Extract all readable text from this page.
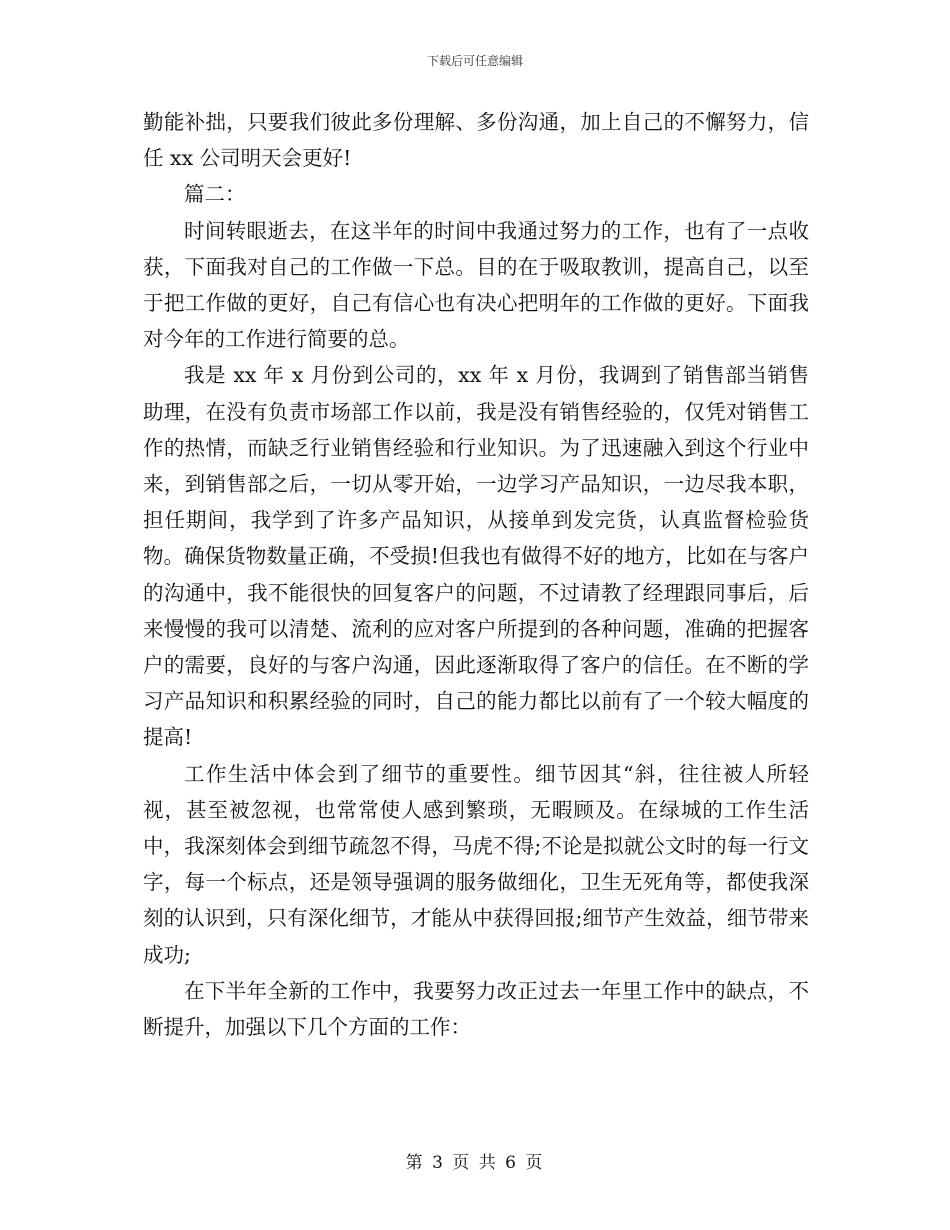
下载后可任意编辑

勤能补拙，只要我们彼此多份理解、多份沟通，加上自己的不懈努力，信任 xx 公司明天会更好!

篇二：

时间转眼逝去，在这半年的时间中我通过努力的工作，也有了一点收获，下面我对自己的工作做一下总。目的在于吸取教训，提高自己，以至于把工作做的更好，自己有信心也有决心把明年的工作做的更好。下面我对今年的工作进行简要的总。

我是 xx 年 x 月份到公司的，xx 年 x 月份，我调到了销售部当销售助理，在没有负责市场部工作以前，我是没有销售经验的，仅凭对销售工作的热情，而缺乏行业销售经验和行业知识。为了迅速融入到这个行业中来，到销售部之后，一切从零开始，一边学习产品知识，一边尽我本职，担任期间，我学到了许多产品知识，从接单到发完货，认真监督检验货物。确保货物数量正确，不受损!但我也有做得不好的地方，比如在与客户的沟通中，我不能很快的回复客户的问题，不过请教了经理跟同事后，后来慢慢的我可以清楚、流利的应对客户所提到的各种问题，准确的把握客户的需要，良好的与客户沟通，因此逐渐取得了客户的信任。在不断的学习产品知识和积累经验的同时，自己的能力都比以前有了一个较大幅度的提高!

工作生活中体会到了细节的重要性。细节因其“斜，往往被人所轻视，甚至被忽视，也常常使人感到繁琐，无暇顾及。在绿城的工作生活中，我深刻体会到细节疏忽不得，马虎不得;不论是拟就公文时的每一行文字，每一个标点，还是领导强调的服务做细化，卫生无死角等，都使我深刻的认识到，只有深化细节，才能从中获得回报;细节产生效益，细节带来成功;

在下半年全新的工作中，我要努力改正过去一年里工作中的缺点，不断提升，加强以下几个方面的工作：

第 3 页 共 6 页
